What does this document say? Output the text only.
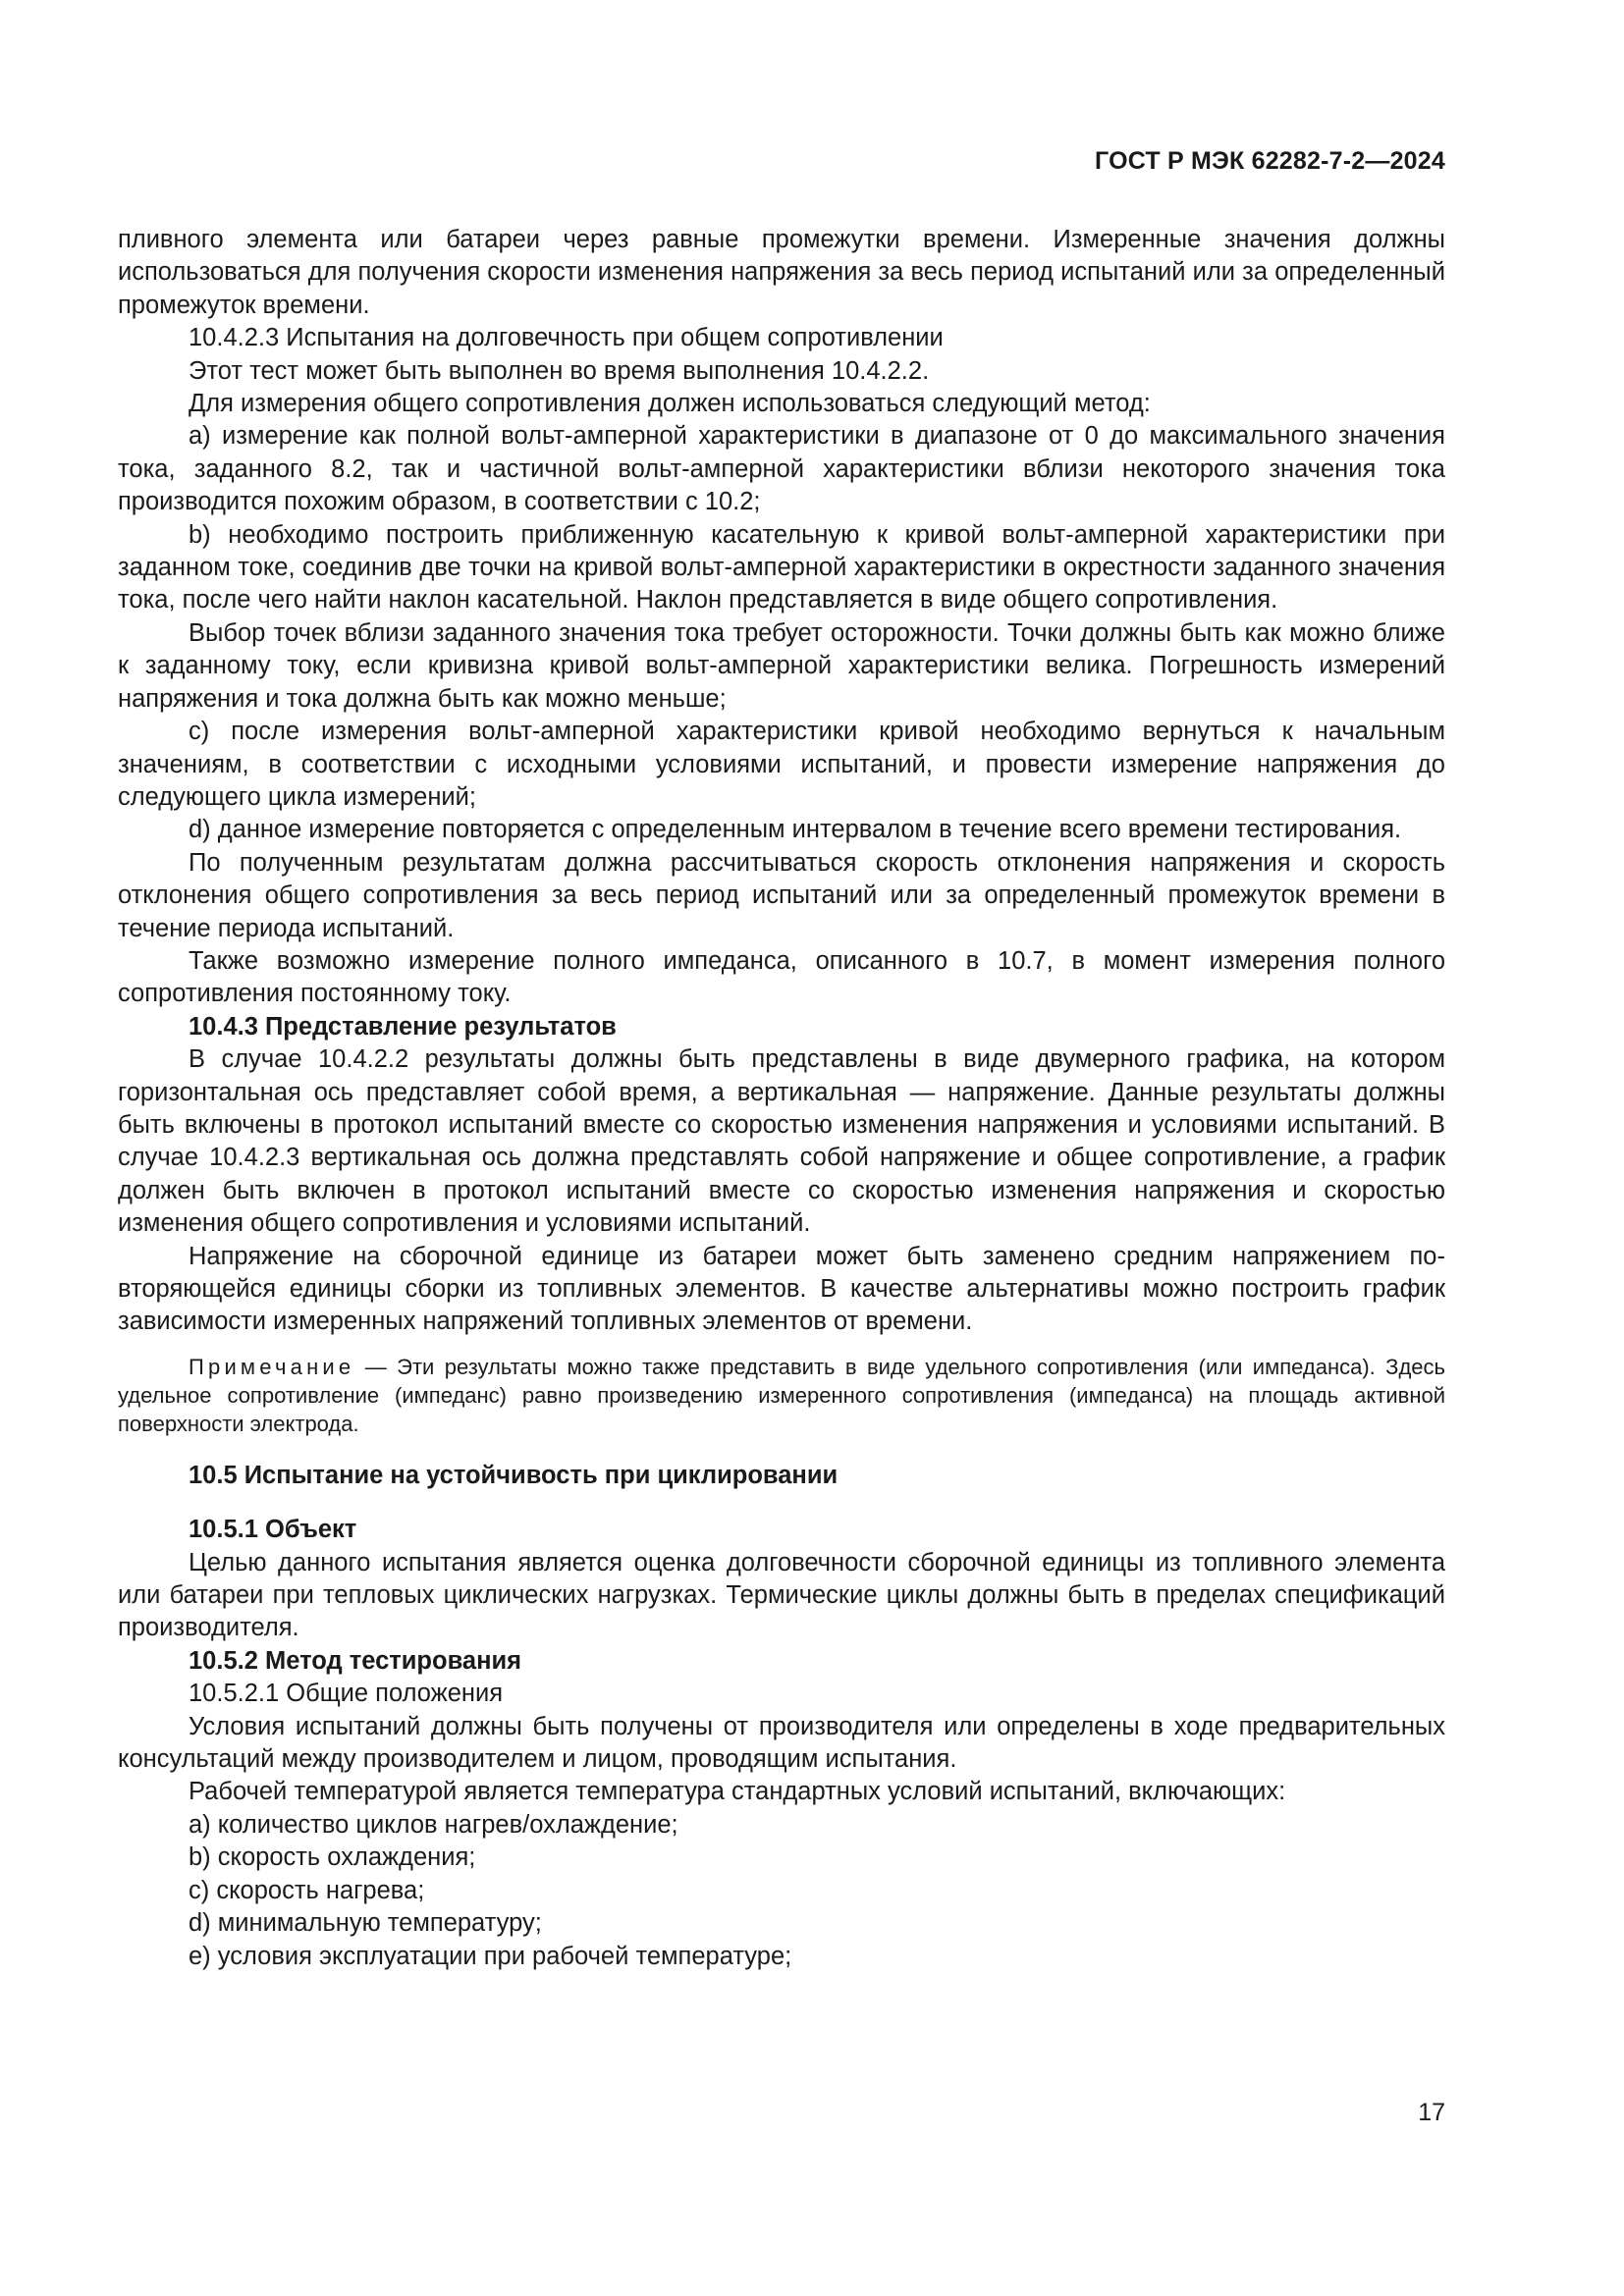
ГОСТ Р МЭК 62282-7-2—2024

пливного элемента или батареи через равные промежутки времени. Измеренные значения должны использоваться для получения скорости изменения напряжения за весь период испытаний или за определенный промежуток времени.

10.4.2.3 Испытания на долговечность при общем сопротивлении

Этот тест может быть выполнен во время выполнения 10.4.2.2.

Для измерения общего сопротивления должен использоваться следующий метод:

a) измерение как полной вольт-амперной характеристики в диапазоне от 0 до максимального значения тока, заданного 8.2, так и частичной вольт-амперной характеристики вблизи некоторого значения тока производится похожим образом, в соответствии с 10.2;

b) необходимо построить приближенную касательную к кривой вольт-амперной характеристики при заданном токе, соединив две точки на кривой вольт-амперной характеристики в окрестности заданного значения тока, после чего найти наклон касательной. Наклон представляется в виде общего сопротивления.

Выбор точек вблизи заданного значения тока требует осторожности. Точки должны быть как можно ближе к заданному току, если кривизна кривой вольт-амперной характеристики велика. Погрешность измерений напряжения и тока должна быть как можно меньше;

c) после измерения вольт-амперной характеристики кривой необходимо вернуться к начальным значениям, в соответствии с исходными условиями испытаний, и провести измерение напряжения до следующего цикла измерений;

d) данное измерение повторяется с определенным интервалом в течение всего времени тестирования.

По полученным результатам должна рассчитываться скорость отклонения напряжения и скорость отклонения общего сопротивления за весь период испытаний или за определенный промежуток времени в течение периода испытаний.

Также возможно измерение полного импеданса, описанного в 10.7, в момент измерения полного сопротивления постоянному току.

10.4.3 Представление результатов

В случае 10.4.2.2 результаты должны быть представлены в виде двумерного графика, на котором горизонтальная ось представляет собой время, а вертикальная — напряжение. Данные результаты должны быть включены в протокол испытаний вместе со скоростью изменения напряжения и условиями испытаний. В случае 10.4.2.3 вертикальная ось должна представлять собой напряжение и общее сопротивление, а график должен быть включен в протокол испытаний вместе со скоростью изменения напряжения и скоростью изменения общего сопротивления и условиями испытаний.

Напряжение на сборочной единице из батареи может быть заменено средним напряжением повторяющейся единицы сборки из топливных элементов. В качестве альтернативы можно построить график зависимости измеренных напряжений топливных элементов от времени.

Примечание — Эти результаты можно также представить в виде удельного сопротивления (или импеданса). Здесь удельное сопротивление (импеданс) равно произведению измеренного сопротивления (импеданса) на площадь активной поверхности электрода.
10.5 Испытание на устойчивость при циклировании
10.5.1 Объект

Целью данного испытания является оценка долговечности сборочной единицы из топливного элемента или батареи при тепловых циклических нагрузках. Термические циклы должны быть в пределах спецификаций производителя.

10.5.2 Метод тестирования

10.5.2.1 Общие положения

Условия испытаний должны быть получены от производителя или определены в ходе предварительных консультаций между производителем и лицом, проводящим испытания.

Рабочей температурой является температура стандартных условий испытаний, включающих:

a) количество циклов нагрев/охлаждение;

b) скорость охлаждения;

c) скорость нагрева;

d) минимальную температуру;

e) условия эксплуатации при рабочей температуре;

17
